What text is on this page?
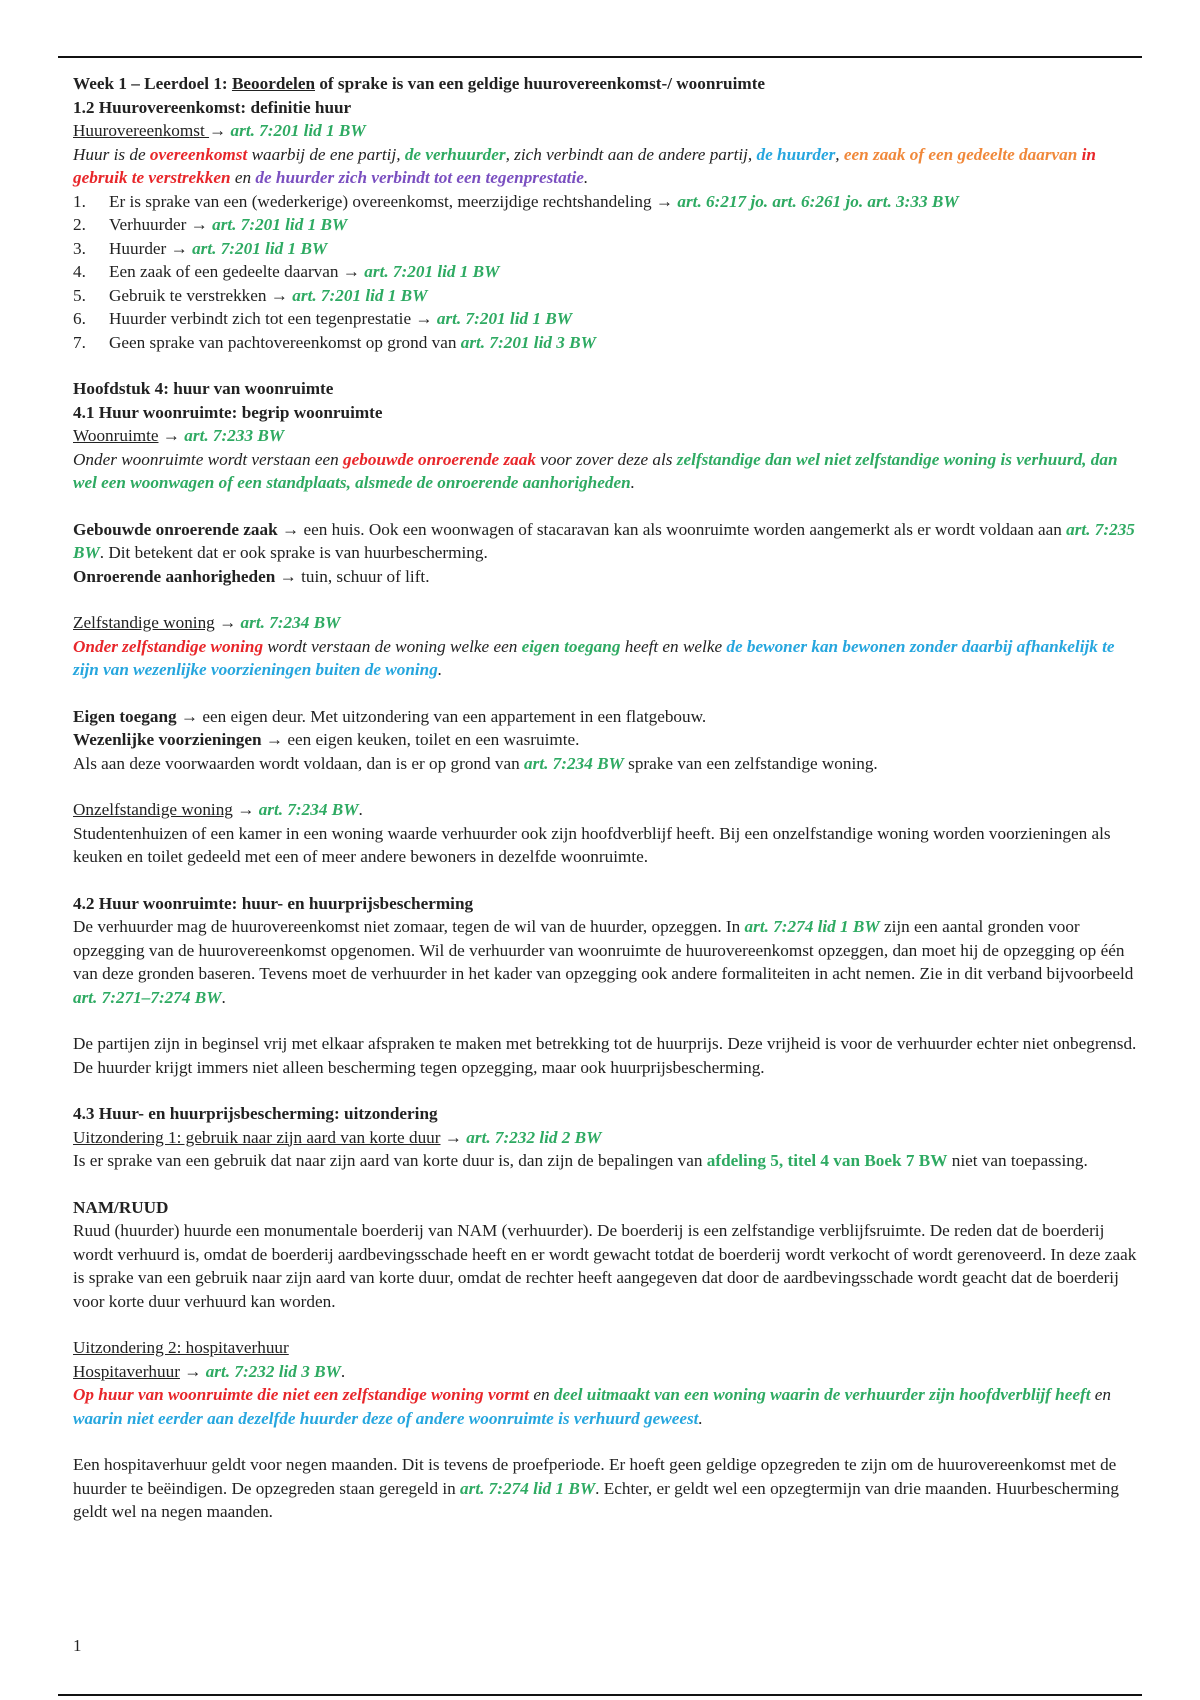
Week 1 – Leerdoel 1: Beoordelen of sprake is van een geldige huurovereenkomst-/ woonruimte

1.2 Huurovereenkomst: definitie huur

Huurovereenkomst → art. 7:201 lid 1 BW

Huur is de overeenkomst waarbij de ene partij, de verhuurder, zich verbindt aan de andere partij, de huurder, een zaak of een gedeelte daarvan in gebruik te verstrekken en de huurder zich verbindt tot een tegenprestatie.

1.	Er is sprake van een (wederkerige) overeenkomst, meerzijdige rechtshandeling → art. 6:217 jo. art. 6:261 jo. art. 3:33 BW
2.	Verhuurder → art. 7:201 lid 1 BW
3.	Huurder → art. 7:201 lid 1 BW
4.	Een zaak of een gedeelte daarvan → art. 7:201 lid 1 BW
5.	Gebruik te verstrekken → art. 7:201 lid 1 BW
6.	Huurder verbindt zich tot een tegenprestatie → art. 7:201 lid 1 BW
7.	Geen sprake van pachtovereenkomst op grond van art. 7:201 lid 3 BW

Hoofdstuk 4: huur van woonruimte

4.1 Huur woonruimte: begrip woonruimte

Woonruimte → art. 7:233 BW

Onder woonruimte wordt verstaan een gebouwde onroerende zaak voor zover deze als zelfstandige dan wel niet zelfstandige woning is verhuurd, dan wel een woonwagen of een standplaats, alsmede de onroerende aanhorigheden.

Gebouwde onroerende zaak → een huis. Ook een woonwagen of stacaravan kan als woonruimte worden aangemerkt als er wordt voldaan aan art. 7:235 BW. Dit betekent dat er ook sprake is van huurbescherming.

Onroerende aanhorigheden → tuin, schuur of lift.

Zelfstandige woning → art. 7:234 BW

Onder zelfstandige woning wordt verstaan de woning welke een eigen toegang heeft en welke de bewoner kan bewonen zonder daarbij afhankelijk te zijn van wezenlijke voorzieningen buiten de woning.

Eigen toegang → een eigen deur. Met uitzondering van een appartement in een flatgebouw.

Wezenlijke voorzieningen → een eigen keuken, toilet en een wasruimte.

Als aan deze voorwaarden wordt voldaan, dan is er op grond van art. 7:234 BW sprake van een zelfstandige woning.

Onzelfstandige woning → art. 7:234 BW.

Studentenhuizen of een kamer in een woning waarde verhuurder ook zijn hoofdverblijf heeft. Bij een onzelfstandige woning worden voorzieningen als keuken en toilet gedeeld met een of meer andere bewoners in dezelfde woonruimte.

4.2 Huur woonruimte: huur- en huurprijsbescherming

De verhuurder mag de huurovereenkomst niet zomaar, tegen de wil van de huurder, opzeggen. In art. 7:274 lid 1 BW zijn een aantal gronden voor opzegging van de huurovereenkomst opgenomen. Wil de verhuurder van woonruimte de huurovereenkomst opzeggen, dan moet hij de opzegging op één van deze gronden baseren. Tevens moet de verhuurder in het kader van opzegging ook andere formaliteiten in acht nemen. Zie in dit verband bijvoorbeeld art. 7:271–7:274 BW.

De partijen zijn in beginsel vrij met elkaar afspraken te maken met betrekking tot de huurprijs. Deze vrijheid is voor de verhuurder echter niet onbegrensd. De huurder krijgt immers niet alleen bescherming tegen opzegging, maar ook huurprijsbescherming.

4.3 Huur- en huurprijsbescherming: uitzondering

Uitzondering 1: gebruik naar zijn aard van korte duur → art. 7:232 lid 2 BW

Is er sprake van een gebruik dat naar zijn aard van korte duur is, dan zijn de bepalingen van afdeling 5, titel 4 van Boek 7 BW niet van toepassing.

NAM/RUUD

Ruud (huurder) huurde een monumentale boerderij van NAM (verhuurder). De boerderij is een zelfstandige verblijfsruimte. De reden dat de boerderij wordt verhuurd is, omdat de boerderij aardbevingsschade heeft en er wordt gewacht totdat de boerderij wordt verkocht of wordt gerenoveerd. In deze zaak is sprake van een gebruik naar zijn aard van korte duur, omdat de rechter heeft aangegeven dat door de aardbevingsschade wordt geacht dat de boerderij voor korte duur verhuurd kan worden.

Uitzondering 2: hospitaverhuur

Hospitaverhuur → art. 7:232 lid 3 BW.

Op huur van woonruimte die niet een zelfstandige woning vormt en deel uitmaakt van een woning waarin de verhuurder zijn hoofdverblijf heeft en waarin niet eerder aan dezelfde huurder deze of andere woonruimte is verhuurd geweest.

Een hospitaverhuur geldt voor negen maanden. Dit is tevens de proefperiode. Er hoeft geen geldige opzegreden te zijn om de huurovereenkomst met de huurder te beëindigen. De opzegreden staan geregeld in art. 7:274 lid 1 BW. Echter, er geldt wel een opzegtermijn van drie maanden. Huurbescherming geldt wel na negen maanden.

1
